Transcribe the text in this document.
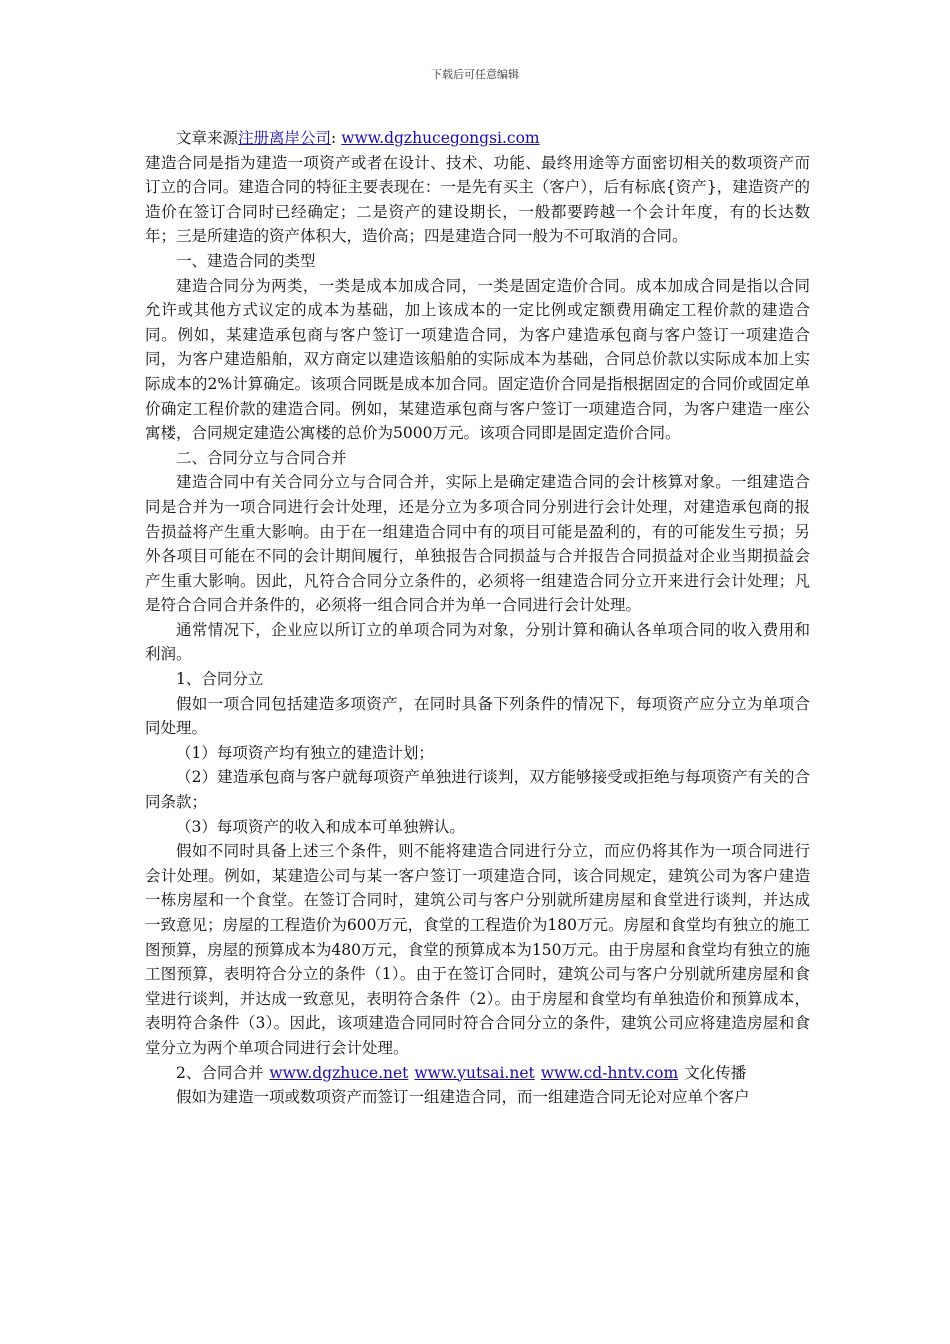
下载后可任意编辑

文章来源注册离岸公司: www.dgzhucegongsi.com

建造合同是指为建造一项资产或者在设计、技术、功能、最终用途等方面密切相关的数项资产而订立的合同。建造合同的特征主要表现在：一是先有买主（客户），后有标底{资产}，建造资产的造价在签订合同时已经确定；二是资产的建设期长，一般都要跨越一个会计年度，有的长达数年；三是所建造的资产体积大，造价高；四是建造合同一般为不可取消的合同。

一、建造合同的类型

建造合同分为两类，一类是成本加成合同，一类是固定造价合同。成本加成合同是指以合同允许或其他方式议定的成本为基础，加上该成本的一定比例或定额费用确定工程价款的建造合同。例如，某建造承包商与客户签订一项建造合同，为客户建造承包商与客户签订一项建造合同，为客户建造船舶，双方商定以建造该船舶的实际成本为基础，合同总价款以实际成本加上实际成本的2%计算确定。该项合同既是成本加合同。固定造价合同是指根据固定的合同价或固定单价确定工程价款的建造合同。例如，某建造承包商与客户签订一项建造合同，为客户建造一座公寓楼，合同规定建造公寓楼的总价为5000万元。该项合同即是固定造价合同。

二、合同分立与合同合并

建造合同中有关合同分立与合同合并，实际上是确定建造合同的会计核算对象。一组建造合同是合并为一项合同进行会计处理，还是分立为多项合同分别进行会计处理，对建造承包商的报告损益将产生重大影响。由于在一组建造合同中有的项目可能是盈利的，有的可能发生亏损；另外各项目可能在不同的会计期间履行，单独报告合同损益与合并报告合同损益对企业当期损益会产生重大影响。因此，凡符合合同分立条件的，必须将一组建造合同分立开来进行会计处理；凡是符合合同合并条件的，必须将一组合同合并为单一合同进行会计处理。

通常情况下，企业应以所订立的单项合同为对象，分别计算和确认各单项合同的收入费用和利润。

1、合同分立

假如一项合同包括建造多项资产，在同时具备下列条件的情况下，每项资产应分立为单项合同处理。

（1）每项资产均有独立的建造计划；

（2）建造承包商与客户就每项资产单独进行谈判，双方能够接受或拒绝与每项资产有关的合同条款；

（3）每项资产的收入和成本可单独辨认。

假如不同时具备上述三个条件，则不能将建造合同进行分立，而应仍将其作为一项合同进行会计处理。例如，某建造公司与某一客户签订一项建造合同，该合同规定，建筑公司为客户建造一栋房屋和一个食堂。在签订合同时，建筑公司与客户分别就所建房屋和食堂进行谈判，并达成一致意见；房屋的工程造价为600万元，食堂的工程造价为180万元。房屋和食堂均有独立的施工图预算，房屋的预算成本为480万元，食堂的预算成本为150万元。由于房屋和食堂均有独立的施工图预算，表明符合分立的条件（1）。由于在签订合同时，建筑公司与客户分别就所建房屋和食堂进行谈判，并达成一致意见，表明符合条件（2）。由于房屋和食堂均有单独造价和预算成本，表明符合条件（3）。因此，该项建造合同同时符合合同分立的条件，建筑公司应将建造房屋和食堂分立为两个单项合同进行会计处理。

2、合同合并 www.dgzhuce.net www.yutsai.net www.cd-hntv.com 文化传播

假如为建造一项或数项资产而签订一组建造合同，而一组建造合同无论对应单个客户
